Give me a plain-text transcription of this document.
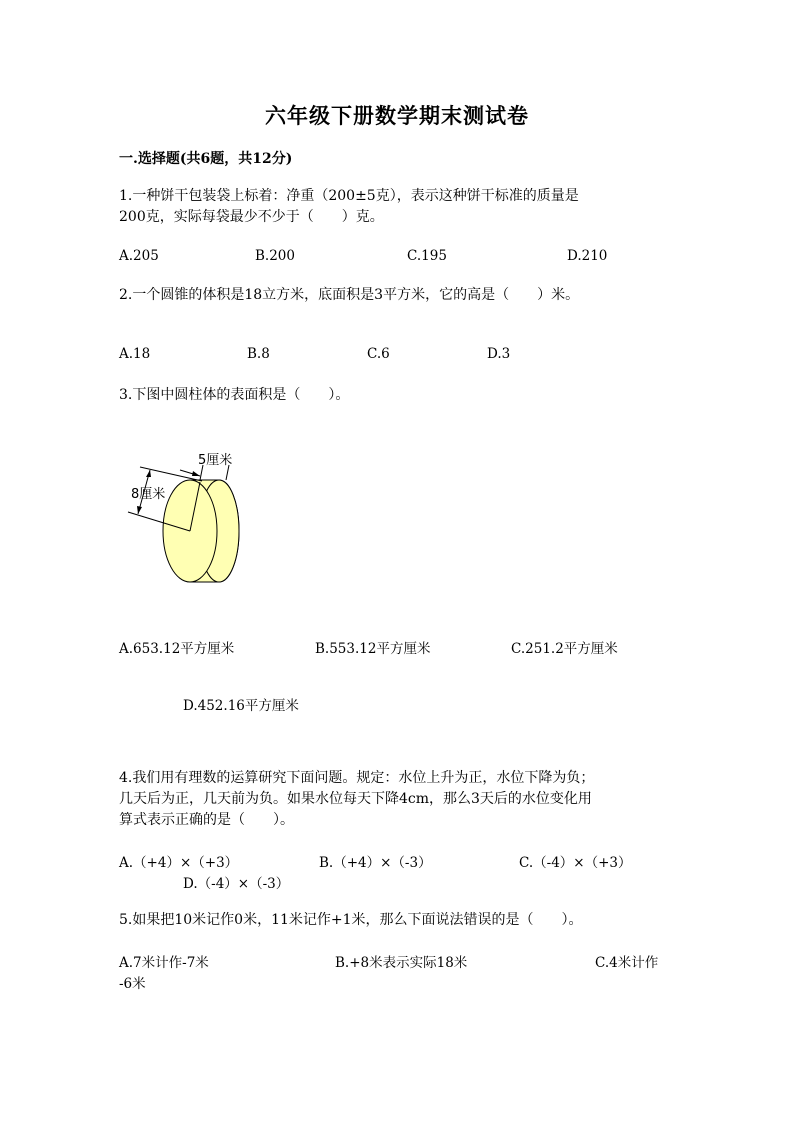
六年级下册数学期末测试卷
一.选择题(共6题，共12分)
1.一种饼干包装袋上标着：净重（200±5克），表示这种饼干标准的质量是
200克，实际每袋最少不少于（　　）克。
A.205	B.200	C.195	D.210
2.一个圆锥的体积是18立方米，底面积是3平方米，它的高是（　　）米。
A.18	B.8	C.6	D.3
3.下图中圆柱体的表面积是（　　）。
5厘米
8厘米
A.653.12平方厘米	B.553.12平方厘米	C.251.2平方厘米
D.452.16平方厘米
4.我们用有理数的运算研究下面问题。规定：水位上升为正，水位下降为负；
几天后为正，几天前为负。如果水位每天下降4cm，那么3天后的水位变化用
算式表示正确的是（　　）。
A.（+4）×（+3）	B.（+4）×（-3）	C.（-4）×（+3）
D.（-4）×（-3）
5.如果把10米记作0米，11米记作+1米，那么下面说法错误的是（　　）。
A.7米计作-7米	B.+8米表示实际18米	C.4米计作
-6米
